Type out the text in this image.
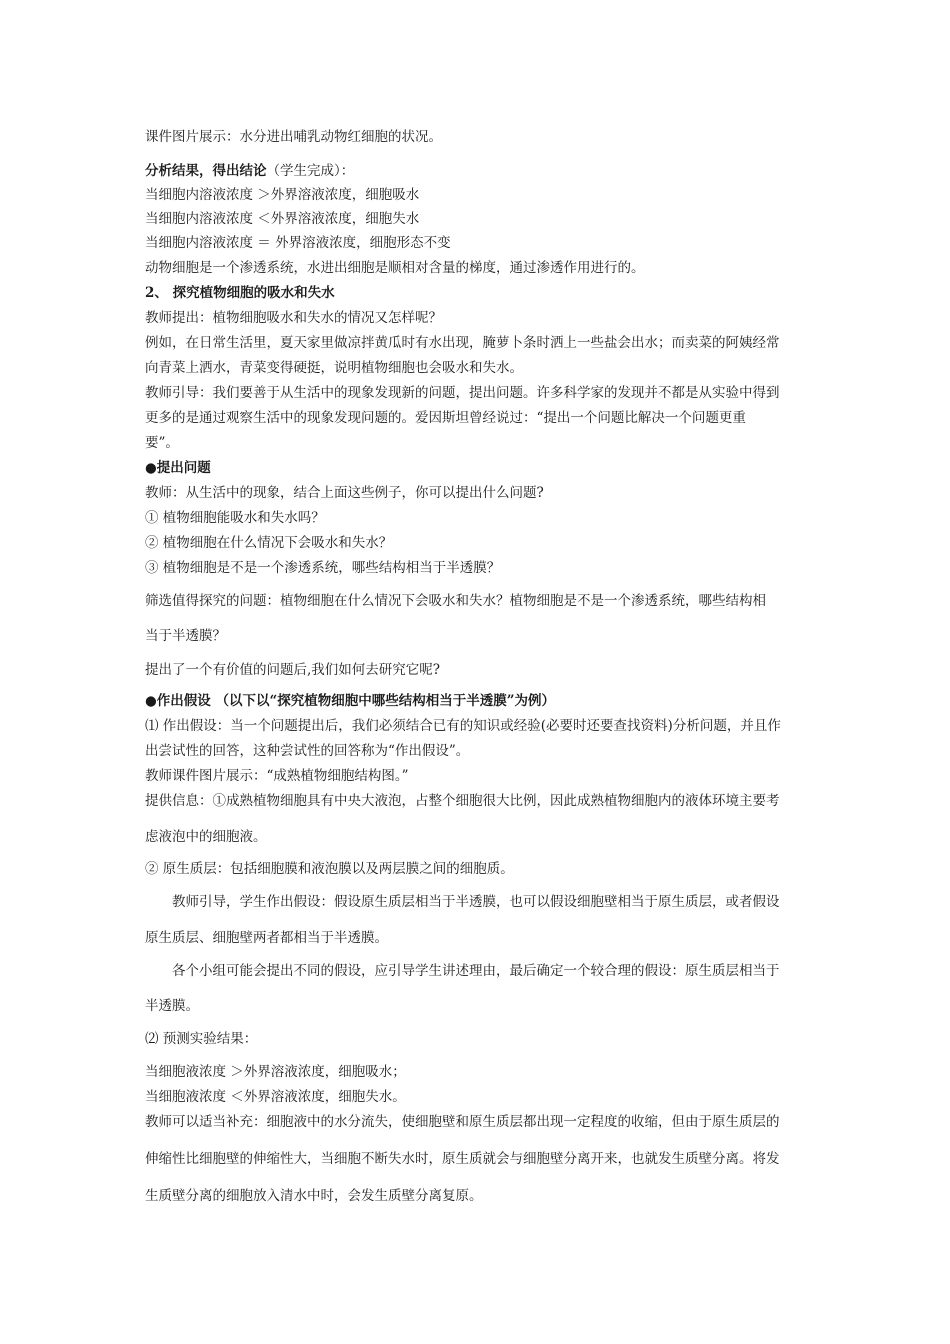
课件图片展示：水分进出哺乳动物红细胞的状况。
分析结果，得出结论（学生完成）：
当细胞内溶液浓度 ＞外界溶液浓度，细胞吸水
当细胞内溶液浓度 ＜外界溶液浓度，细胞失水
当细胞内溶液浓度 ＝ 外界溶液浓度，细胞形态不变
动物细胞是一个渗透系统，水进出细胞是顺相对含量的梯度，通过渗透作用进行的。
2、 探究植物细胞的吸水和失水
教师提出：植物细胞吸水和失水的情况又怎样呢？
例如，在日常生活里，夏天家里做凉拌黄瓜时有水出现，腌萝卜条时洒上一些盐会出水；而卖菜的阿姨经常
向青菜上洒水，青菜变得硬挺，说明植物细胞也会吸水和失水。
教师引导：我们要善于从生活中的现象发现新的问题，提出问题。许多科学家的发现并不都是从实验中得到
更多的是通过观察生活中的现象发现问题的。爱因斯坦曾经说过：“提出一个问题比解决一个问题更重
要”。
●提出问题
教师：从生活中的现象，结合上面这些例子，你可以提出什么问题?
① 植物细胞能吸水和失水吗？
② 植物细胞在什么情况下会吸水和失水？
③ 植物细胞是不是一个渗透系统，哪些结构相当于半透膜？
筛选值得探究的问题：植物细胞在什么情况下会吸水和失水？植物细胞是不是一个渗透系统，哪些结构相
当于半透膜？
提出了一个有价值的问题后,我们如何去研究它呢?
●作出假设 （以下以“探究植物细胞中哪些结构相当于半透膜”为例）
⑴ 作出假设：当一个问题提出后，我们必须结合已有的知识或经验(必要时还要查找资料)分析问题，并且作
出尝试性的回答，这种尝试性的回答称为“作出假设”。
教师课件图片展示：“成熟植物细胞结构图。”
提供信息：①成熟植物细胞具有中央大液泡，占整个细胞很大比例，因此成熟植物细胞内的液体环境主要考
虑液泡中的细胞液。
② 原生质层：包括细胞膜和液泡膜以及两层膜之间的细胞质。
教师引导，学生作出假设：假设原生质层相当于半透膜，也可以假设细胞壁相当于原生质层，或者假设
原生质层、细胞壁两者都相当于半透膜。
各个小组可能会提出不同的假设，应引导学生讲述理由，最后确定一个较合理的假设：原生质层相当于
半透膜。
⑵ 预测实验结果：
当细胞液浓度 ＞外界溶液浓度，细胞吸水；
当细胞液浓度 ＜外界溶液浓度，细胞失水。
教师可以适当补充：细胞液中的水分流失，使细胞壁和原生质层都出现一定程度的收缩，但由于原生质层的
伸缩性比细胞壁的伸缩性大，当细胞不断失水时，原生质就会与细胞壁分离开来，也就发生质壁分离。将发
生质壁分离的细胞放入清水中时，会发生质壁分离复原。
